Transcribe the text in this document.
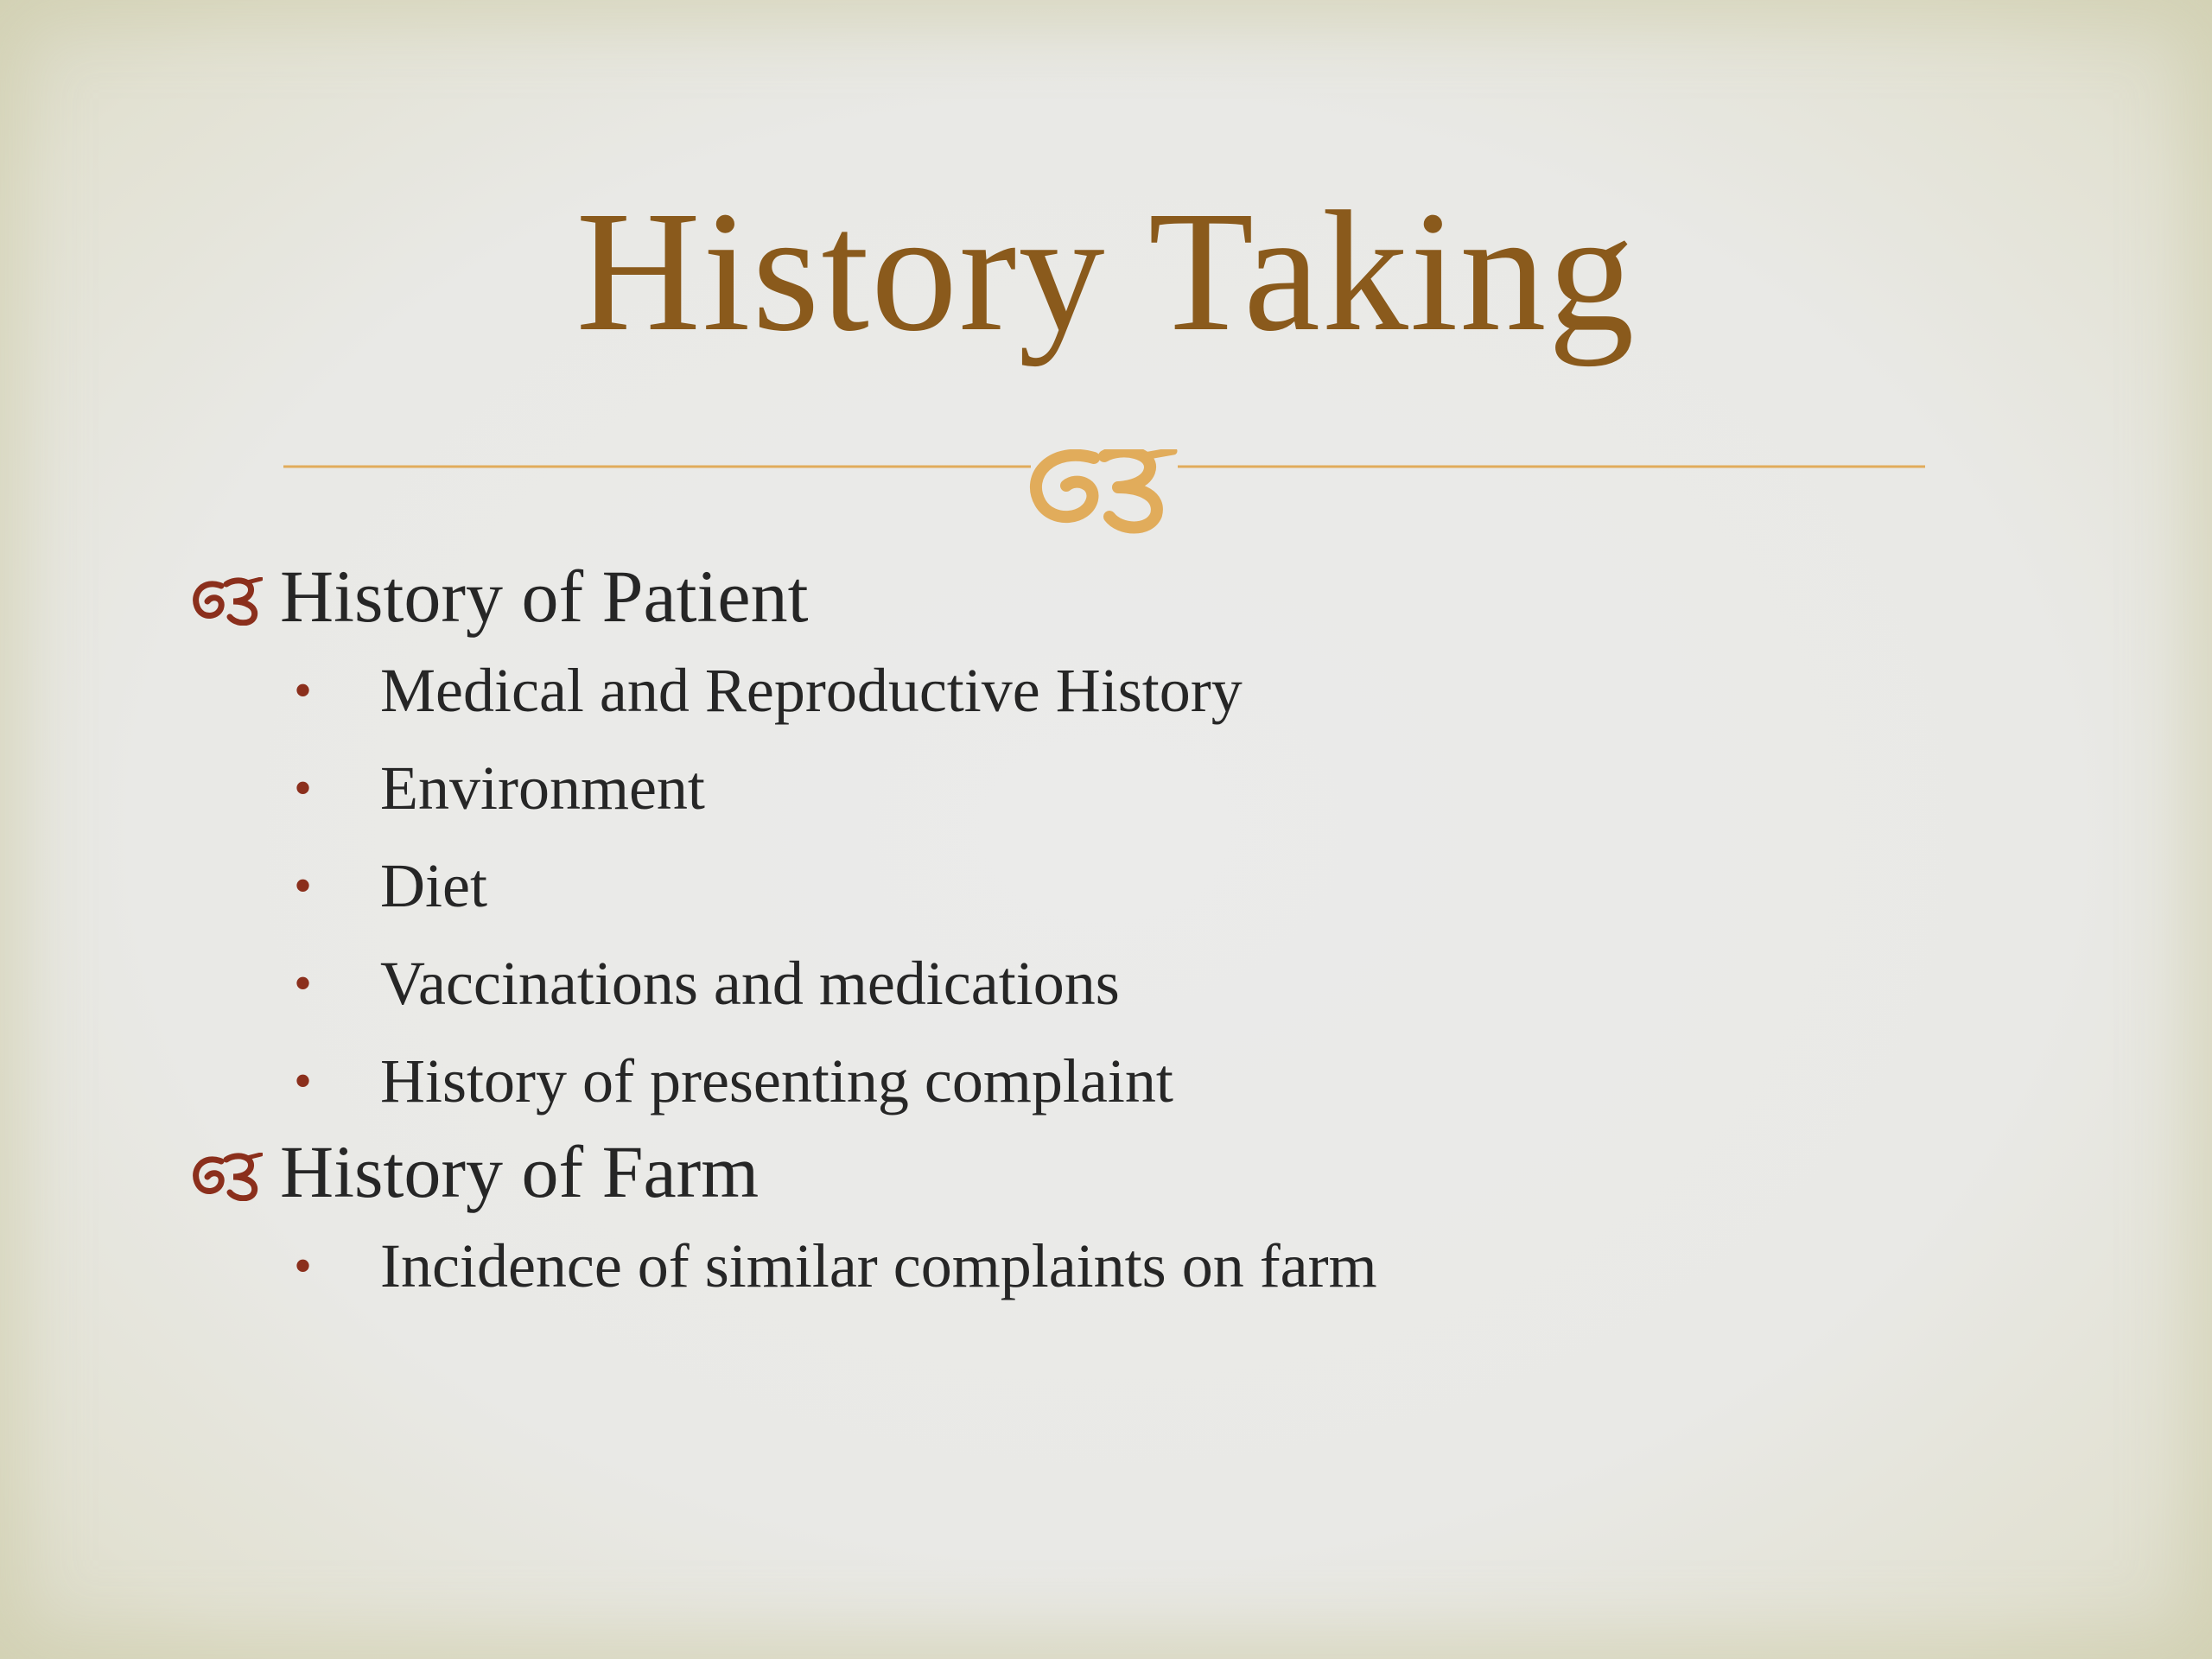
History Taking
History of Patient
• Medical and Reproductive History
• Environment
• Diet
• Vaccinations and medications
• History of presenting complaint
History of Farm
• Incidence of similar complaints on farm
